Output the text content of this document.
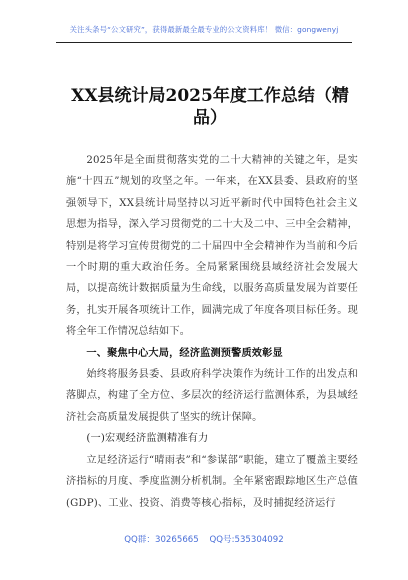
关注头条号“公文研究”，获得最新最全最专业的公文资料库！ 微信：gongwenyj
XX县统计局2025年度工作总结（精品）

2025年是全面贯彻落实党的二十大精神的关键之年，是实施“十四五”规划的攻坚之年。一年来，在XX县委、县政府的坚强领导下，XX县统计局坚持以习近平新时代中国特色社会主义思想为指导，深入学习贯彻党的二十大及二中、三中全会精神，特别是将学习宣传贯彻党的二十届四中全会精神作为当前和今后一个时期的重大政治任务。全局紧紧围绕县域经济社会发展大局，以提高统计数据质量为生命线，以服务高质量发展为首要任务，扎实开展各项统计工作，圆满完成了年度各项目标任务。现将全年工作情况总结如下。

一、聚焦中心大局，经济监测预警质效彰显

始终将服务县委、县政府科学决策作为统计工作的出发点和落脚点，构建了全方位、多层次的经济运行监测体系，为县域经济社会高质量发展提供了坚实的统计保障。

(一)宏观经济监测精准有力

立足经济运行“晴雨表”和“参谋部”职能，建立了覆盖主要经济指标的月度、季度监测分析机制。全年紧密跟踪地区生产总值(GDP)、工业、投资、消费等核心指标，及时捕捉经济运行

QQ群：30265665 QQ号:535304092
